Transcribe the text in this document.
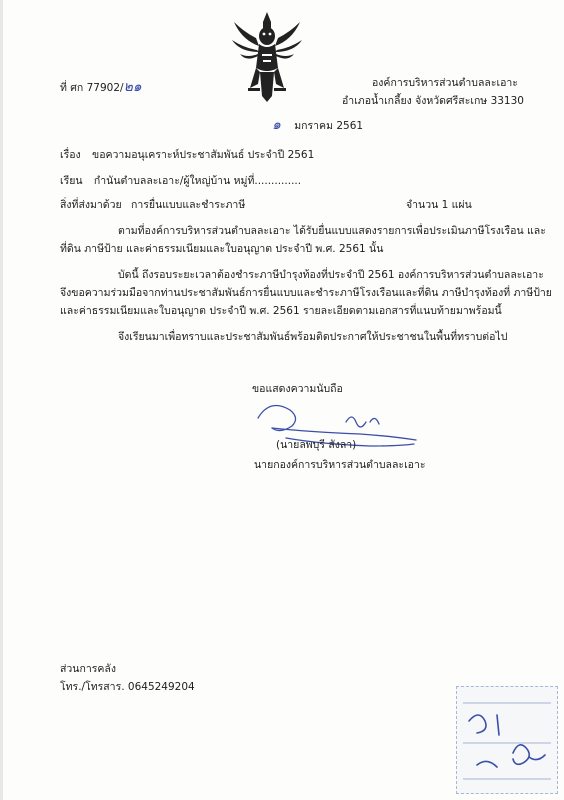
ที่ ศก 77902/๒๑	องค์การบริหารส่วนตำบลละเอาะ
อำเภอน้ำเกลี้ยง จังหวัดศรีสะเกษ 33130
๑ มกราคม 2561
เรื่อง ขอความอนุเคราะห์ประชาสัมพันธ์ ประจำปี 2561
เรียน กำนันตำบลละเอาะ/ผู้ใหญ่บ้าน หมู่ที่..............
สิ่งที่ส่งมาด้วย การยื่นแบบและชำระภาษี	จำนวน 1 แผ่น
ตามที่องค์การบริหารส่วนตำบลละเอาะ ได้รับยื่นแบบแสดงรายการเพื่อประเมินภาษีโรงเรือน และ
ที่ดิน ภาษีป้าย และค่าธรรมเนียมและใบอนุญาต ประจำปี พ.ศ. 2561 นั้น
บัดนี้ ถึงรอบระยะเวลาต้องชำระภาษีบำรุงท้องที่ประจำปี 2561 องค์การบริหารส่วนตำบลละเอาะ
จึงขอความร่วมมือจากท่านประชาสัมพันธ์การยื่นแบบและชำระภาษีโรงเรือนและที่ดิน ภาษีบำรุงท้องที่ ภาษีป้าย
และค่าธรรมเนียมและใบอนุญาต ประจำปี พ.ศ. 2561 รายละเอียดตามเอกสารที่แนบท้ายมาพร้อมนี้
จึงเรียนมาเพื่อทราบและประชาสัมพันธ์พร้อมติดประกาศให้ประชาชนในพื้นที่ทราบต่อไป
ขอแสดงความนับถือ
(นายลพบุรี สังลา)
นายกองค์การบริหารส่วนตำบลละเอาะ
ส่วนการคลัง
โทร./โทรสาร. 0645249204
